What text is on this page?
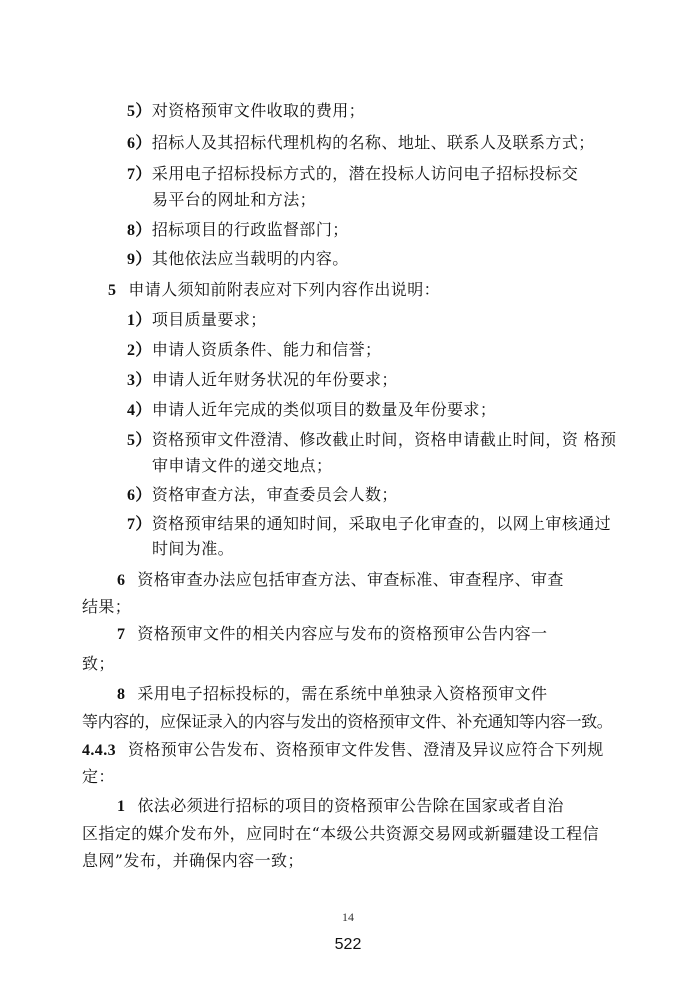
5）对资格预审文件收取的费用；
6）招标人及其招标代理机构的名称、地址、联系人及联系方式；
7）采用电子招标投标方式的，潜在投标人访问电子招标投标交
易平台的网址和方法；
8）招标项目的行政监督部门；
9）其他依法应当载明的内容。
5 申请人须知前附表应对下列内容作出说明：
1）项目质量要求；
2）申请人资质条件、能力和信誉；
3）申请人近年财务状况的年份要求；
4）申请人近年完成的类似项目的数量及年份要求；
5）资格预审文件澄清、修改截止时间，资格申请截止时间，资 格预
审申请文件的递交地点；
6）资格审查方法，审查委员会人数；
7）资格预审结果的通知时间，采取电子化审查的，以网上审核通过
时间为准。
6 资格审查办法应包括审查方法、审查标准、审查程序、审查
结果；
7 资格预审文件的相关内容应与发布的资格预审公告内容一
致；
8 采用电子招标投标的，需在系统中单独录入资格预审文件
等内容的，应保证录入的内容与发出的资格预审文件、补充通知等内容一致。
4.4.3 资格预审公告发布、资格预审文件发售、澄清及异议应符合下列规
定：
1 依法必须进行招标的项目的资格预审公告除在国家或者自治
区指定的媒介发布外，应同时在“本级公共资源交易网或新疆建设工程信
息网”发布，并确保内容一致；
14
522
